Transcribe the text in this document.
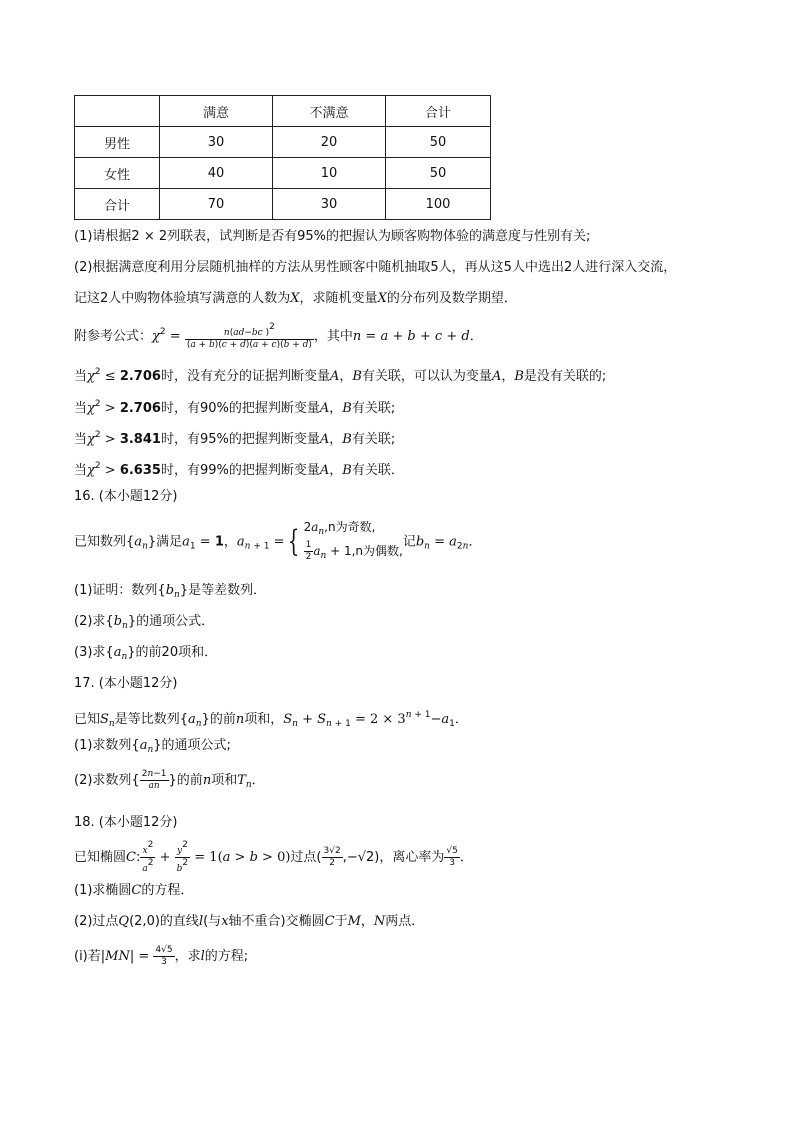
	满意	不满意	合计
男性	30	20	50
女性	40	10	50
合计	70	30	100
(1)请根据2 × 2列联表，试判断是否有95%的把握认为顾客购物体验的满意度与性别有关;
(2)根据满意度利用分层随机抽样的方法从男性顾客中随机抽取5人，再从这5人中选出2人进行深入交流，
记这2人中购物体验填写满意的人数为X，求随机变量X的分布列及数学期望．
附参考公式：$\chi^2 = \frac{n(ad-bc )2}{(a + b)(c + d)(a + c)(b + d)}$ ，其中n = a + b + c + d．
当$\chi^2 \le 2.706$时，没有充分的证据判断变量A，B有关联，可以认为变量A，B是没有关联的;
当$\chi^2 > 2.706$时，有90%的把握判断变量A，B有关联;
当$\chi^2 > 3.841$时，有95%的把握判断变量A，B有关联;
当$\chi^2 > 6.635$时，有99%的把握判断变量A，B有关联．
16. (本小题12分)
已知数列$\{a_n\}$满足$a_1 = 1$，$a_{n + 1}$ = { $2a_n,n$为奇数,
$\frac{1}{2} a_n + 1,n$为偶数,
记$b_n = a_{2n}$．
(1)证明：数列$\{b_n\}$是等差数列．
(2)求$\{b_n\}$的通项公式．
(3)求$\{a_n\}$的前20项和．
17. (本小题12分)
已知$S_n$是等比数列$\{a_n\}$的前n项和，$S_n + S_{n + 1} = 2 \times 3^{n + 1}-a_1$．
(1)求数列$\{a_n\}$的通项公式;
(2)求数列{ $\frac{2n-1}{an}$ }的前n项和$T_n$．
18. (本小题12分)
已知椭圆C: $\frac{x2}{a2} + \frac{y2}{b2} = 1(a > b > 0)$过点( $\frac{3√2}{2} ,-√2$)，离心率为 $\frac{√5}{3}$ ．
(1)求椭圆C的方程．
(2)过点Q(2,0)的直线l(与x轴不重合)交椭圆C于M，N两点．
(ⅰ)若$|MN| = \frac{4√5}{3}$ ，求l的方程;
